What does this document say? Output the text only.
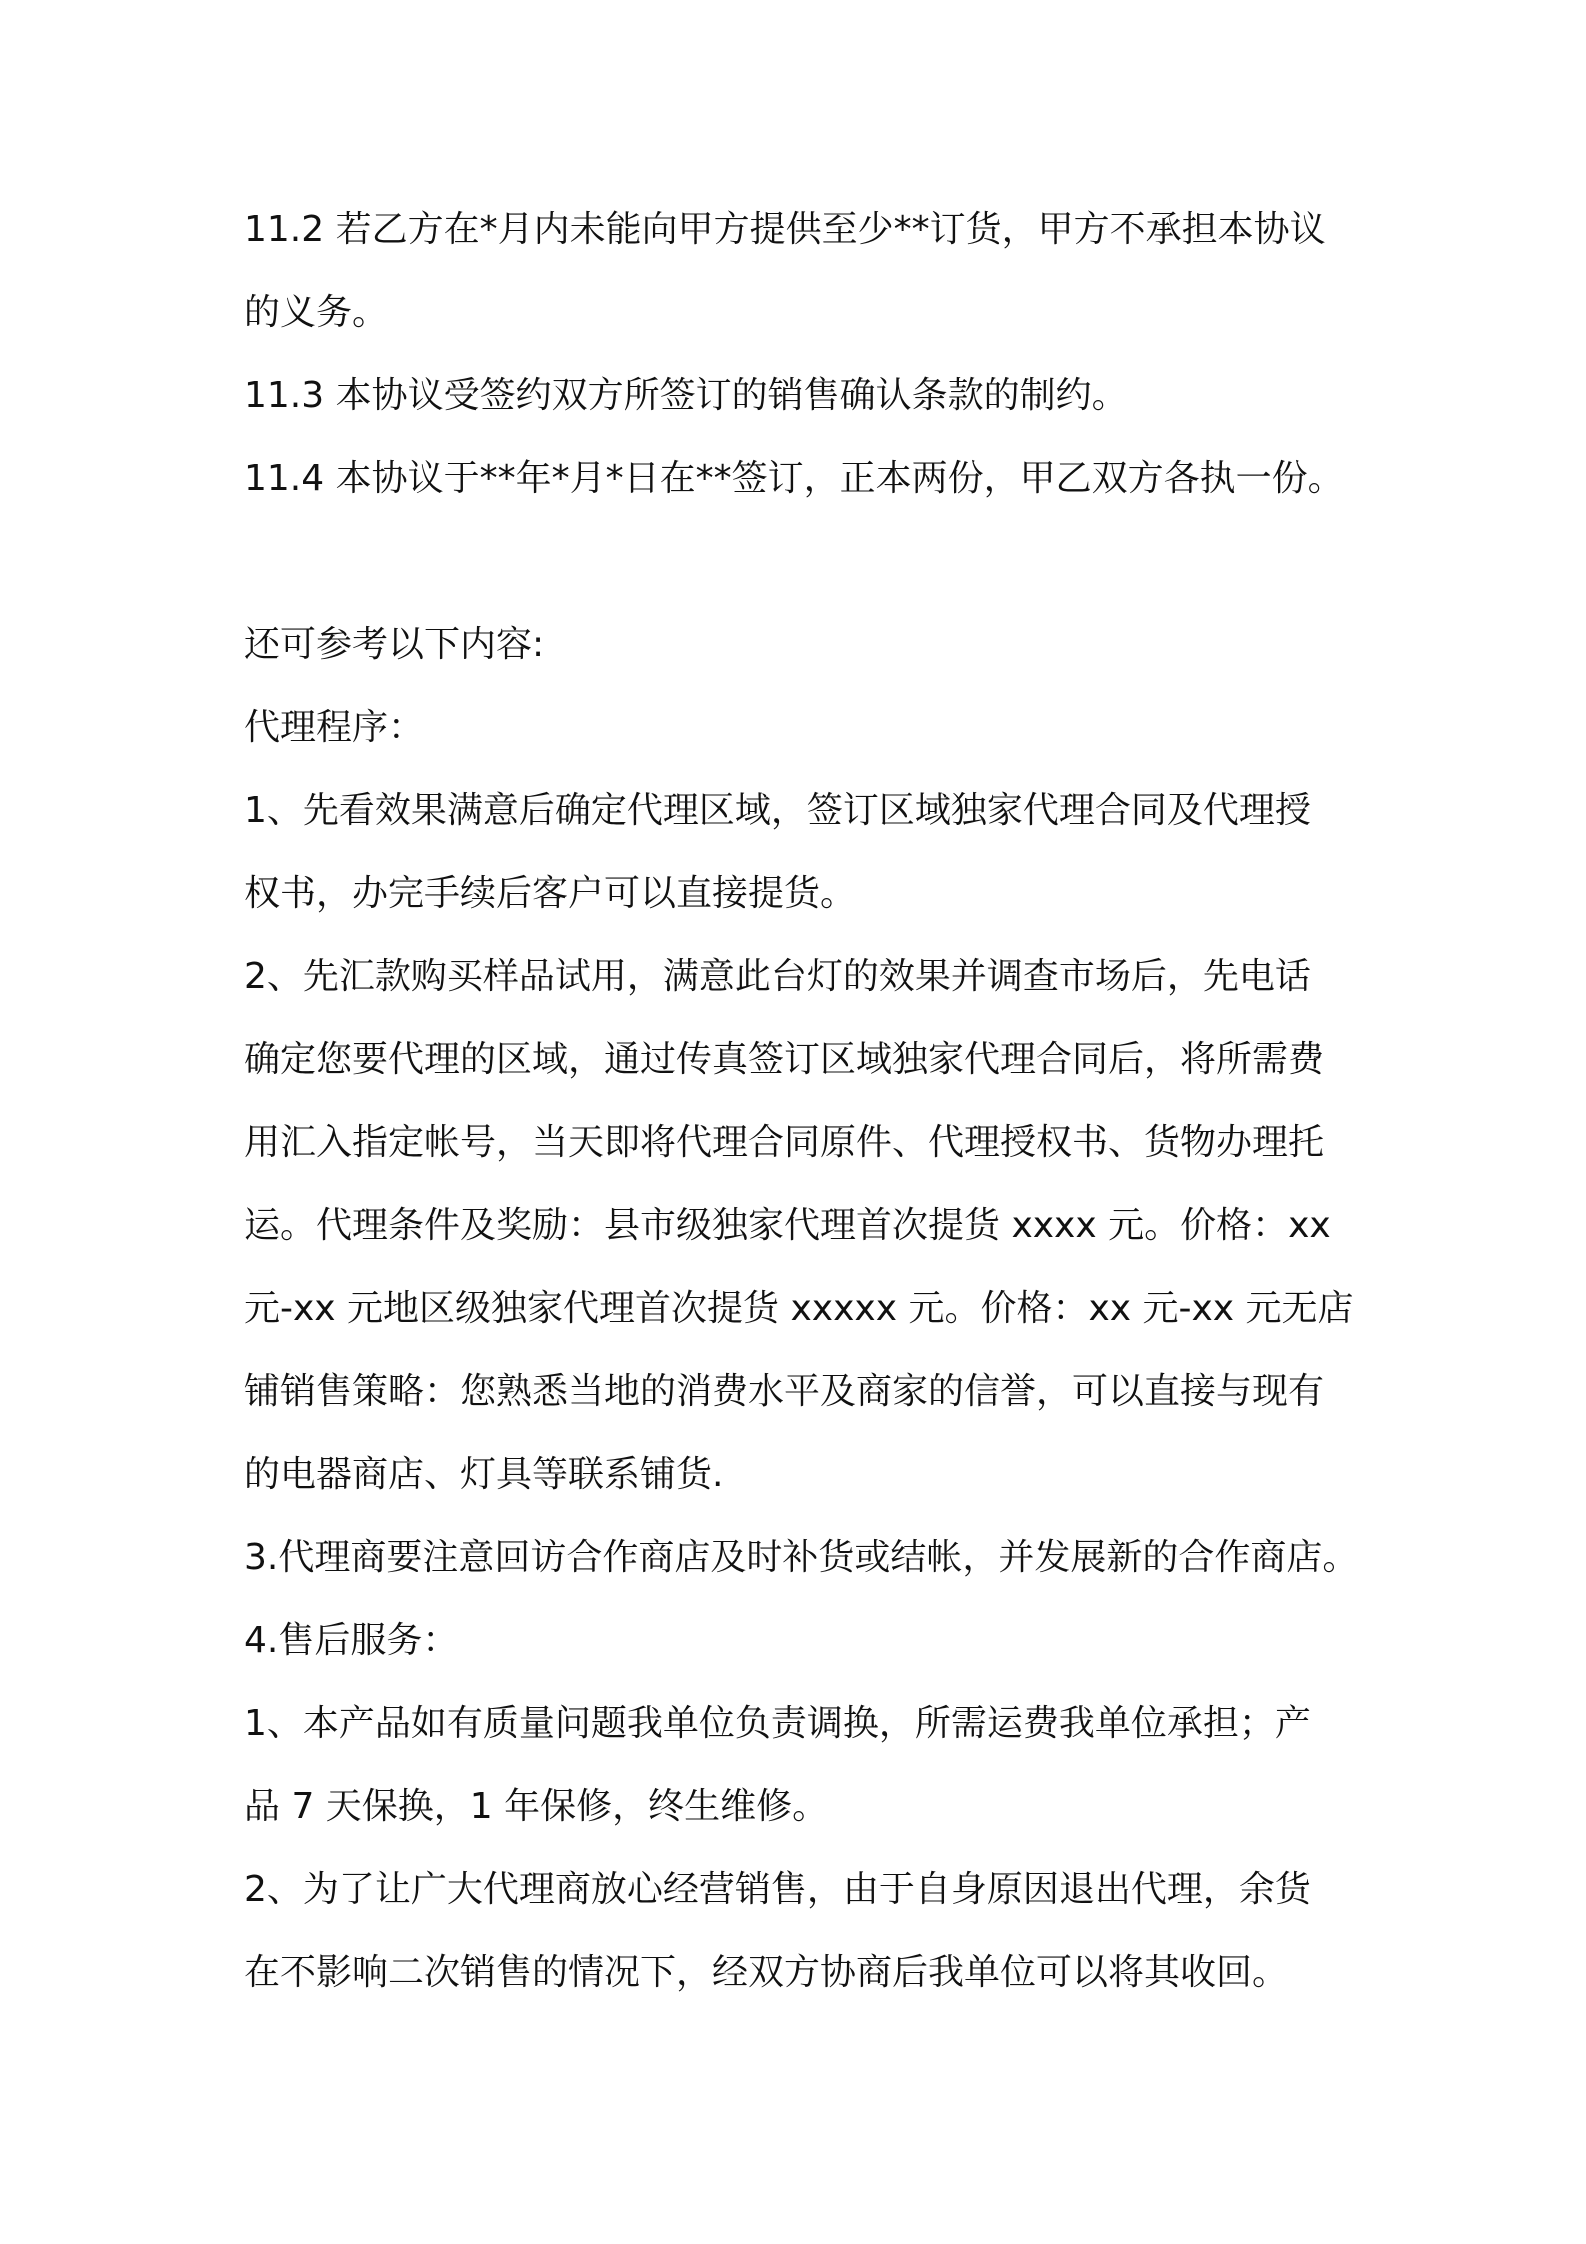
11.2 若乙方在*月内未能向甲方提供至少**订货，甲方不承担本协议
的义务。
11.3 本协议受签约双方所签订的销售确认条款的制约。
11.4 本协议于**年*月*日在**签订，正本两份，甲乙双方各执一份。
还可参考以下内容:
代理程序：
1、先看效果满意后确定代理区域，签订区域独家代理合同及代理授
权书，办完手续后客户可以直接提货。
2、先汇款购买样品试用，满意此台灯的效果并调查市场后，先电话
确定您要代理的区域，通过传真签订区域独家代理合同后，将所需费
用汇入指定帐号，当天即将代理合同原件、代理授权书、货物办理托
运。代理条件及奖励：县市级独家代理首次提货 xxxx 元。价格：xx
元-xx 元地区级独家代理首次提货 xxxxx 元。价格：xx 元-xx 元无店
铺销售策略：您熟悉当地的消费水平及商家的信誉，可以直接与现有
的电器商店、灯具等联系铺货.
3.代理商要注意回访合作商店及时补货或结帐，并发展新的合作商店。
4.售后服务：
1、本产品如有质量问题我单位负责调换，所需运费我单位承担；产
品 7 天保换，1 年保修，终生维修。
2、为了让广大代理商放心经营销售，由于自身原因退出代理，余货
在不影响二次销售的情况下，经双方协商后我单位可以将其收回。
